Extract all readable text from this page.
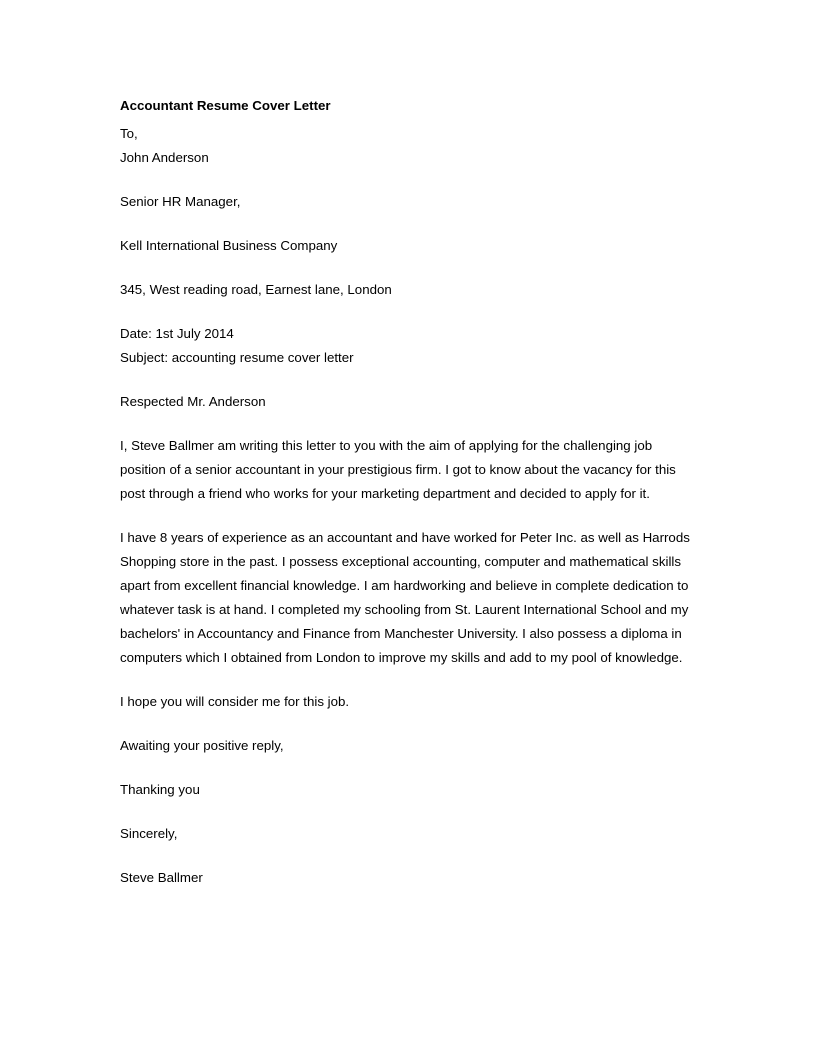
Accountant Resume Cover Letter

To,

John Anderson

Senior HR Manager,

Kell International Business Company

345, West reading road, Earnest lane, London

Date: 1st July 2014

Subject: accounting resume cover letter

Respected Mr. Anderson

I, Steve Ballmer am writing this letter to you with the aim of applying for the challenging job

position of a senior accountant in your prestigious firm. I got to know about the vacancy for this

post through a friend who works for your marketing department and decided to apply for it.

I have 8 years of experience as an accountant and have worked for Peter Inc. as well as Harrods

Shopping store in the past. I possess exceptional accounting, computer and mathematical skills

apart from excellent financial knowledge. I am hardworking and believe in complete dedication to

whatever task is at hand. I completed my schooling from St. Laurent International School and my

bachelors' in Accountancy and Finance from Manchester University. I also possess a diploma in

computers which I obtained from London to improve my skills and add to my pool of knowledge.

I hope you will consider me for this job.

Awaiting your positive reply,

Thanking you

Sincerely,

Steve Ballmer
